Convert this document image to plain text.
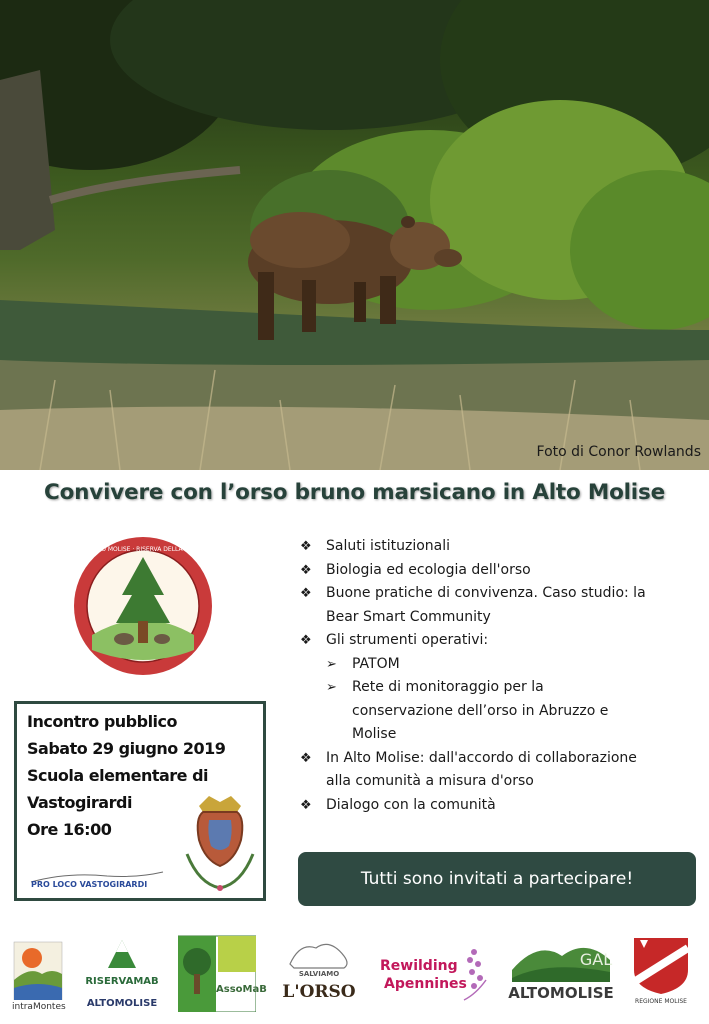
Foto di Conor Rowlands
Convivere con l’orso bruno marsicano in Alto Molise
MAB · ALTO MOLISE · RISERVA DELLA BIOSFERA
Incontro pubblico
Sabato 29 giugno 2019
Scuola elementare di
Vastogirardi
Ore 16:00
PRO LOCO VASTOGIRARDI
❖ Saluti istituzionali
❖ Biologia ed ecologia dell'orso
❖ Buone pratiche di convivenza. Caso studio: la
Bear Smart Community
❖ Gli strumenti operativi:
➢ PATOM
➢ Rete di monitoraggio per la
conservazione dell’orso in Abruzzo e
Molise
❖ In Alto Molise: dall'accordo di collaborazione
alla comunità a misura d'orso
❖ Dialogo con la comunità
Tutti sono invitati a partecipare!
intraMontes
RISERVAMAB
ALTOMOLISE
AssoMaB
SALVIAMO
L'ORSO
Rewilding
Apennines
GAL
ALTOMOLISE	REGIONE MOLISE
